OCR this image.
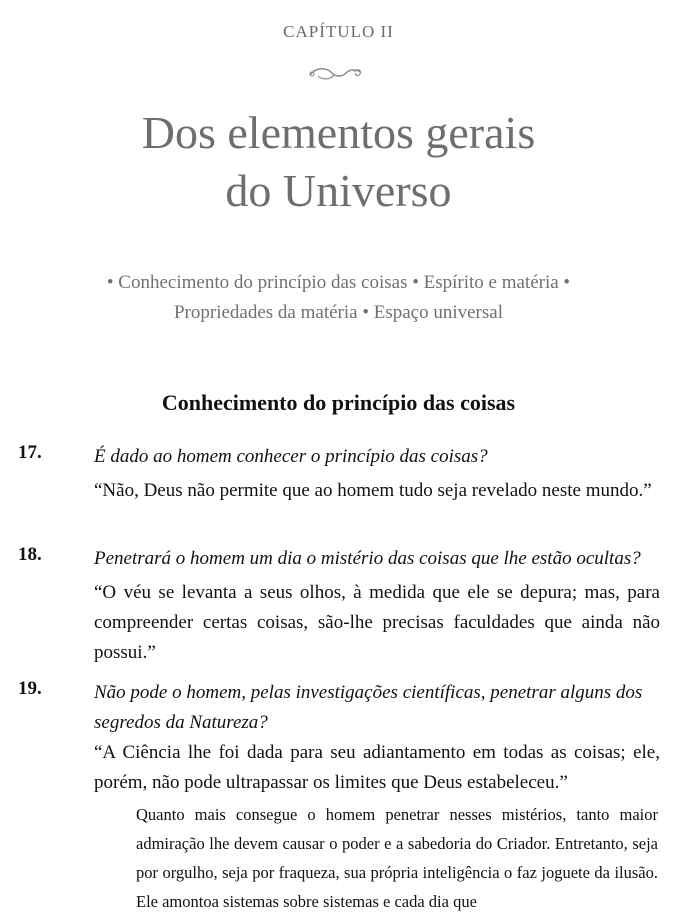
CAPÍTULO II
Dos elementos gerais
do Universo
• Conhecimento do princípio das coisas • Espírito e matéria • Propriedades da matéria • Espaço universal
Conhecimento do princípio das coisas
17.	É dado ao homem conhecer o princípio das coisas?
“Não, Deus não permite que ao homem tudo seja revelado neste mundo.”
18.	Penetrará o homem um dia o mistério das coisas que lhe estão ocultas?
“O véu se levanta a seus olhos, à medida que ele se depura; mas, para compreender certas coisas, são-lhe precisas faculdades que ainda não possui.”
19.	Não pode o homem, pelas investigações científicas, penetrar alguns dos segredos da Natureza?
“A Ciência lhe foi dada para seu adiantamento em todas as coisas; ele, porém, não pode ultrapassar os limites que Deus estabeleceu.”
Quanto mais consegue o homem penetrar nesses mistérios, tanto maior admiração lhe devem causar o poder e a sabedoria do Criador. Entretanto, seja por orgulho, seja por fraqueza, sua própria inteligência o faz joguete da ilusão. Ele amontoa sistemas sobre sistemas e cada dia que
